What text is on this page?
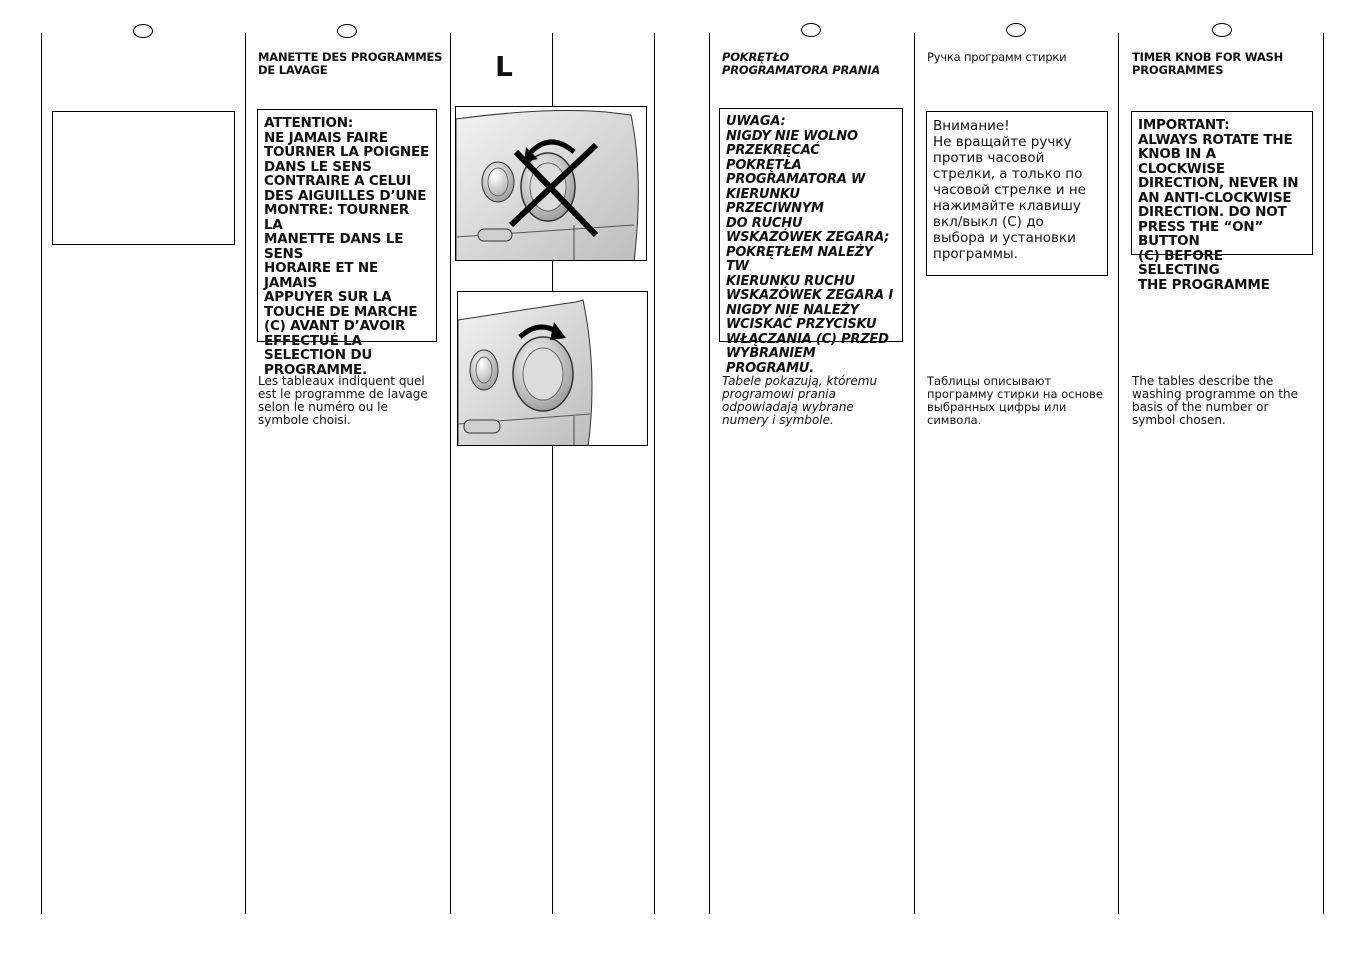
MANETTE DES PROGRAMMES
DE LAVAGE
ATTENTION:
NE JAMAIS FAIRE
TOURNER LA POIGNEE
DANS LE SENS
CONTRAIRE A CELUI
DES AIGUILLES D’UNE
MONTRE: TOURNER LA
MANETTE DANS LE SENS
HORAIRE ET NE JAMAIS
APPUYER SUR LA
TOUCHE DE MARCHE
(C) AVANT D’AVOIR
EFFECTUÉ LA
SELECTION DU
PROGRAMME.
Les tableaux indiquent quel
est le programme de lavage
selon le numéro ou le
symbole choisi.
L	POKRĘTŁO
PROGRAMATORA PRANIA
UWAGA:
NIGDY NIE WOLNO
PRZEKRĘCAĆ POKRĘTŁA
PROGRAMATORA W
KIERUNKU PRZECIWNYM
DO RUCHU
WSKAZÓWEK ZEGARA;
POKRĘTŁEM NALEŻY TW
KIERUNKU RUCHU
WSKAZÓWEK ZEGARA I
NIGDY NIE NALEŻY
WCISKAĆ PRZYCISKU
WŁĄCZANIA (C) PRZED
WYBRANIEM
PROGRAMU.
Tabele pokazują, któremu
programowi prania
odpowiadają wybrane
numery i symbole.
Ручка программ стирки
Внимание!
Не вращайте ручку
против часовой
стрелки, а только по
часовой стрелке и не
нажимайте клавишу
вкл/выкл (C) до
выбора и установки
программы.
Таблицы описывают
программу стирки на основе
выбранных цифры или
символа.
TIMER KNOB FOR WASH
PROGRAMMES
IMPORTANT:
ALWAYS ROTATE THE
KNOB IN A CLOCKWISE
DIRECTION, NEVER IN
AN ANTI-CLOCKWISE
DIRECTION. DO NOT
PRESS THE “ON” BUTTON
(C) BEFORE SELECTING
THE PROGRAMME
The tables describe the
washing programme on the
basis of the number or
symbol chosen.
